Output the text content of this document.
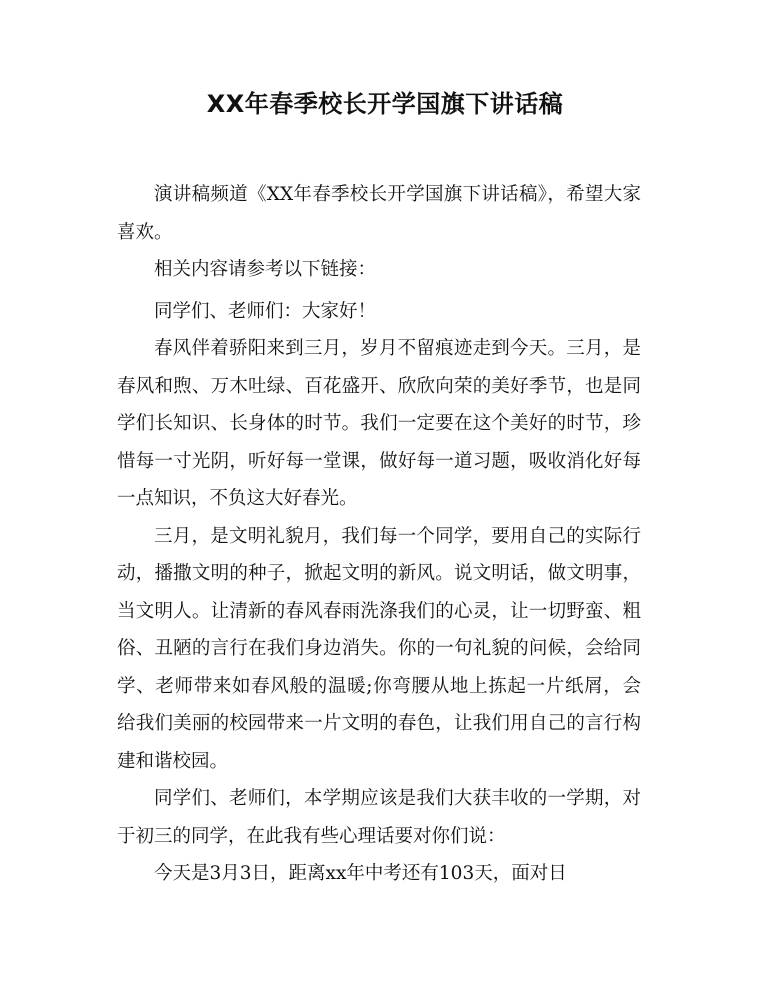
XX年春季校长开学国旗下讲话稿

演讲稿频道《XX年春季校长开学国旗下讲话稿》，希望大家喜欢。

相关内容请参考以下链接：

同学们、老师们：大家好！

春风伴着骄阳来到三月，岁月不留痕迹走到今天。三月，是春风和煦、万木吐绿、百花盛开、欣欣向荣的美好季节，也是同学们长知识、长身体的时节。我们一定要在这个美好的时节，珍惜每一寸光阴，听好每一堂课，做好每一道习题，吸收消化好每一点知识，不负这大好春光。

三月，是文明礼貌月，我们每一个同学，要用自己的实际行动，播撒文明的种子，掀起文明的新风。说文明话，做文明事，当文明人。让清新的春风春雨洗涤我们的心灵，让一切野蛮、粗俗、丑陋的言行在我们身边消失。你的一句礼貌的问候，会给同学、老师带来如春风般的温暖;你弯腰从地上拣起一片纸屑，会给我们美丽的校园带来一片文明的春色，让我们用自己的言行构建和谐校园。

同学们、老师们，本学期应该是我们大获丰收的一学期，对于初三的同学，在此我有些心理话要对你们说：

今天是3月3日，距离xx年中考还有103天，面对日
